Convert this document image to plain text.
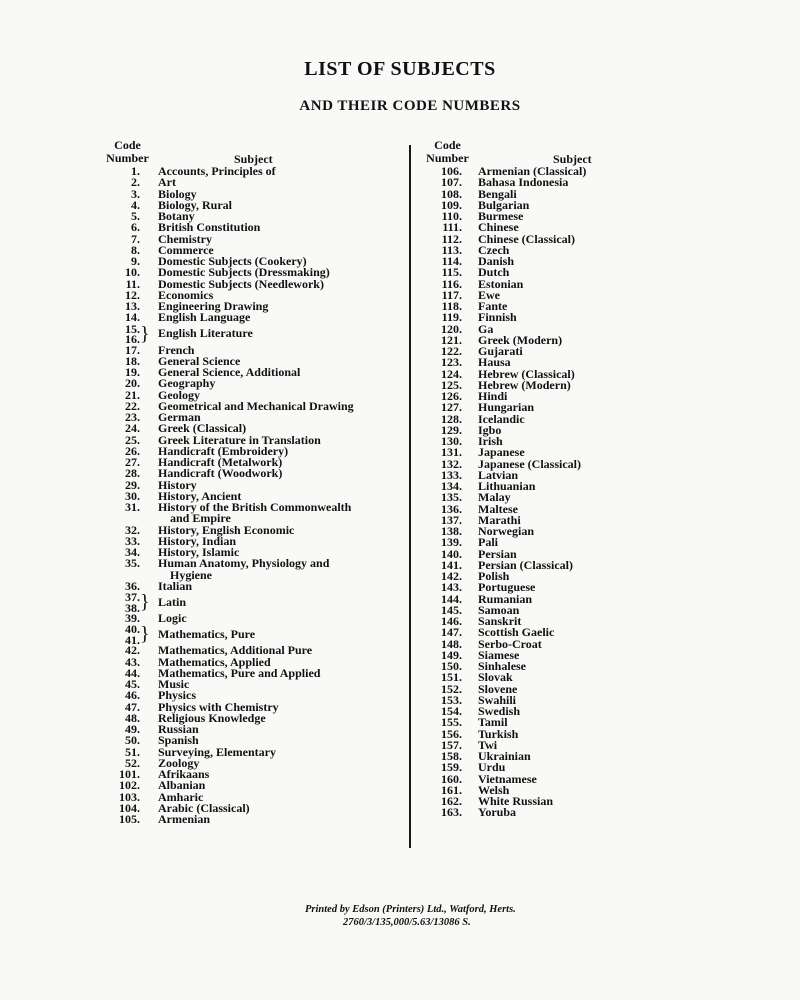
LIST OF SUBJECTS
AND THEIR CODE NUMBERS
Code
Number	Subject
1.	Accounts, Principles of
2.	Art
3.	Biology
4.	Biology, Rural
5.	Botany
6.	British Constitution
7.	Chemistry
8.	Commerce
9.	Domestic Subjects (Cookery)
10.	Domestic Subjects (Dressmaking)
11.	Domestic Subjects (Needlework)
12.	Economics
13.	Engineering Drawing
14.	English Language
15.
16. } English Literature
17.	French
18.	General Science
19.	General Science, Additional
20.	Geography
21.	Geology
22.	Geometrical and Mechanical Drawing
23.	German
24.	Greek (Classical)
25.	Greek Literature in Translation
26.	Handicraft (Embroidery)
27.	Handicraft (Metalwork)
28.	Handicraft (Woodwork)
29.	History
30.	History, Ancient
31.	History of the British Commonwealth
and Empire
32.	History, English Economic
33.	History, Indian
34.	History, Islamic
35.	Human Anatomy, Physiology and
Hygiene
36.	Italian
37.
38. } Latin
39.	Logic
40.
41. } Mathematics, Pure
42.	Mathematics, Additional Pure
43.	Mathematics, Applied
44.	Mathematics, Pure and Applied
45.	Music
46.	Physics
47.	Physics with Chemistry
48.	Religious Knowledge
49.	Russian
50.	Spanish
51.	Surveying, Elementary
52.	Zoology
101.	Afrikaans
102.	Albanian
103.	Amharic
104.	Arabic (Classical)
105.	Armenian
Code
Number	Subject
106.	Armenian (Classical)
107.	Bahasa Indonesia
108.	Bengali
109.	Bulgarian
110.	Burmese
111.	Chinese
112.	Chinese (Classical)
113.	Czech
114.	Danish
115.	Dutch
116.	Estonian
117.	Ewe
118.	Fante
119.	Finnish
120.	Ga
121.	Greek (Modern)
122.	Gujarati
123.	Hausa
124.	Hebrew (Classical)
125.	Hebrew (Modern)
126.	Hindi
127.	Hungarian
128.	Icelandic
129.	Igbo
130.	Irish
131.	Japanese
132.	Japanese (Classical)
133.	Latvian
134.	Lithuanian
135.	Malay
136.	Maltese
137.	Marathi
138.	Norwegian
139.	Pali
140.	Persian
141.	Persian (Classical)
142.	Polish
143.	Portuguese
144.	Rumanian
145.	Samoan
146.	Sanskrit
147.	Scottish Gaelic
148.	Serbo-Croat
149.	Siamese
150.	Sinhalese
151.	Slovak
152.	Slovene
153.	Swahili
154.	Swedish
155.	Tamil
156.	Turkish
157.	Twi
158.	Ukrainian
159.	Urdu
160.	Vietnamese
161.	Welsh
162.	White Russian
163.	Yoruba
Printed by Edson (Printers) Ltd., Watford, Herts.
2760/3/135,000/5.63/13086 S.
